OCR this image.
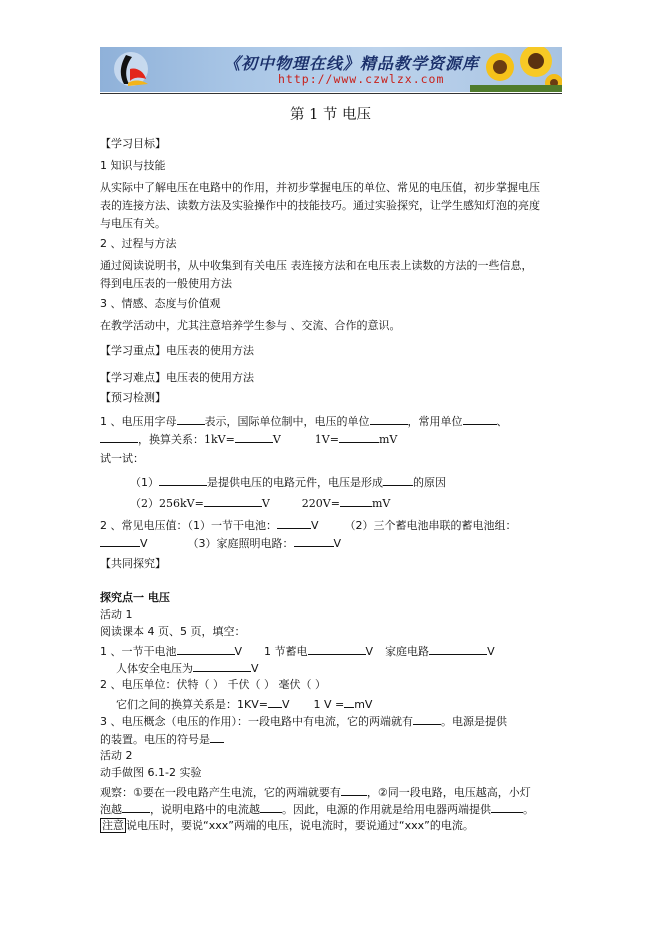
《初中物理在线》精品教学资源库
http://www.czwlzx.com
第 1 节 电压
【学习目标】
1 知识与技能
从实际中了解电压在电路中的作用，并初步掌握电压的单位、常见的电压值，初步掌握电压
表的连接方法、读数方法及实验操作中的技能技巧。通过实验探究，让学生感知灯泡的亮度
与电压有关。
2 、过程与方法
通过阅读说明书，从中收集到有关电压 表连接方法和在电压表上读数的方法的一些信息，
得到电压表的一般使用方法
3 、情感、态度与价值观
在教学活动中，尤其注意培养学生参与 、交流、合作的意识。
【学习重点】电压表的使用方法
【学习难点】电压表的使用方法
【预习检测】
1 、电压用字母	表示，国际单位制中，电压的单位	，常用单位	、
，换算关系：1kV=	V	1V=	mV
试一试：
（1）	是提供电压的电路元件，电压是形成	的原因
（2）256kV=	V	220V=	mV
2 、常见电压值：（1）一节干电池：	V （2）三个蓄电池串联的蓄电池组：
V	（3）家庭照明电路：	V
【共同探究】
探究点一 电压
活动 1
阅读课本 4 页、5 页，填空：
1 、一节干电池	V 1 节蓄电	V 家庭电路	V
人体安全电压为	V
2 、电压单位：伏特（ ） 千伏（ ） 毫伏（ ）
它们之间的换算关系是：1KV= V 1 V = mV
3 、电压概念（电压的作用）：一段电路中有电流，它的两端就有	。电源是提供
的装置。电压的符号是
活动 2
动手做图 6.1-2 实验
观察：①要在一段电路产生电流，它的两端就要有 ，②同一段电路，电压越高，小灯
泡越	，说明电路中的电流越 。因此，电源的作用就是给用电器两端提供	。
注意 说电压时，要说“xxx”两端的电压，说电流时，要说通过“xxx”的电流。
